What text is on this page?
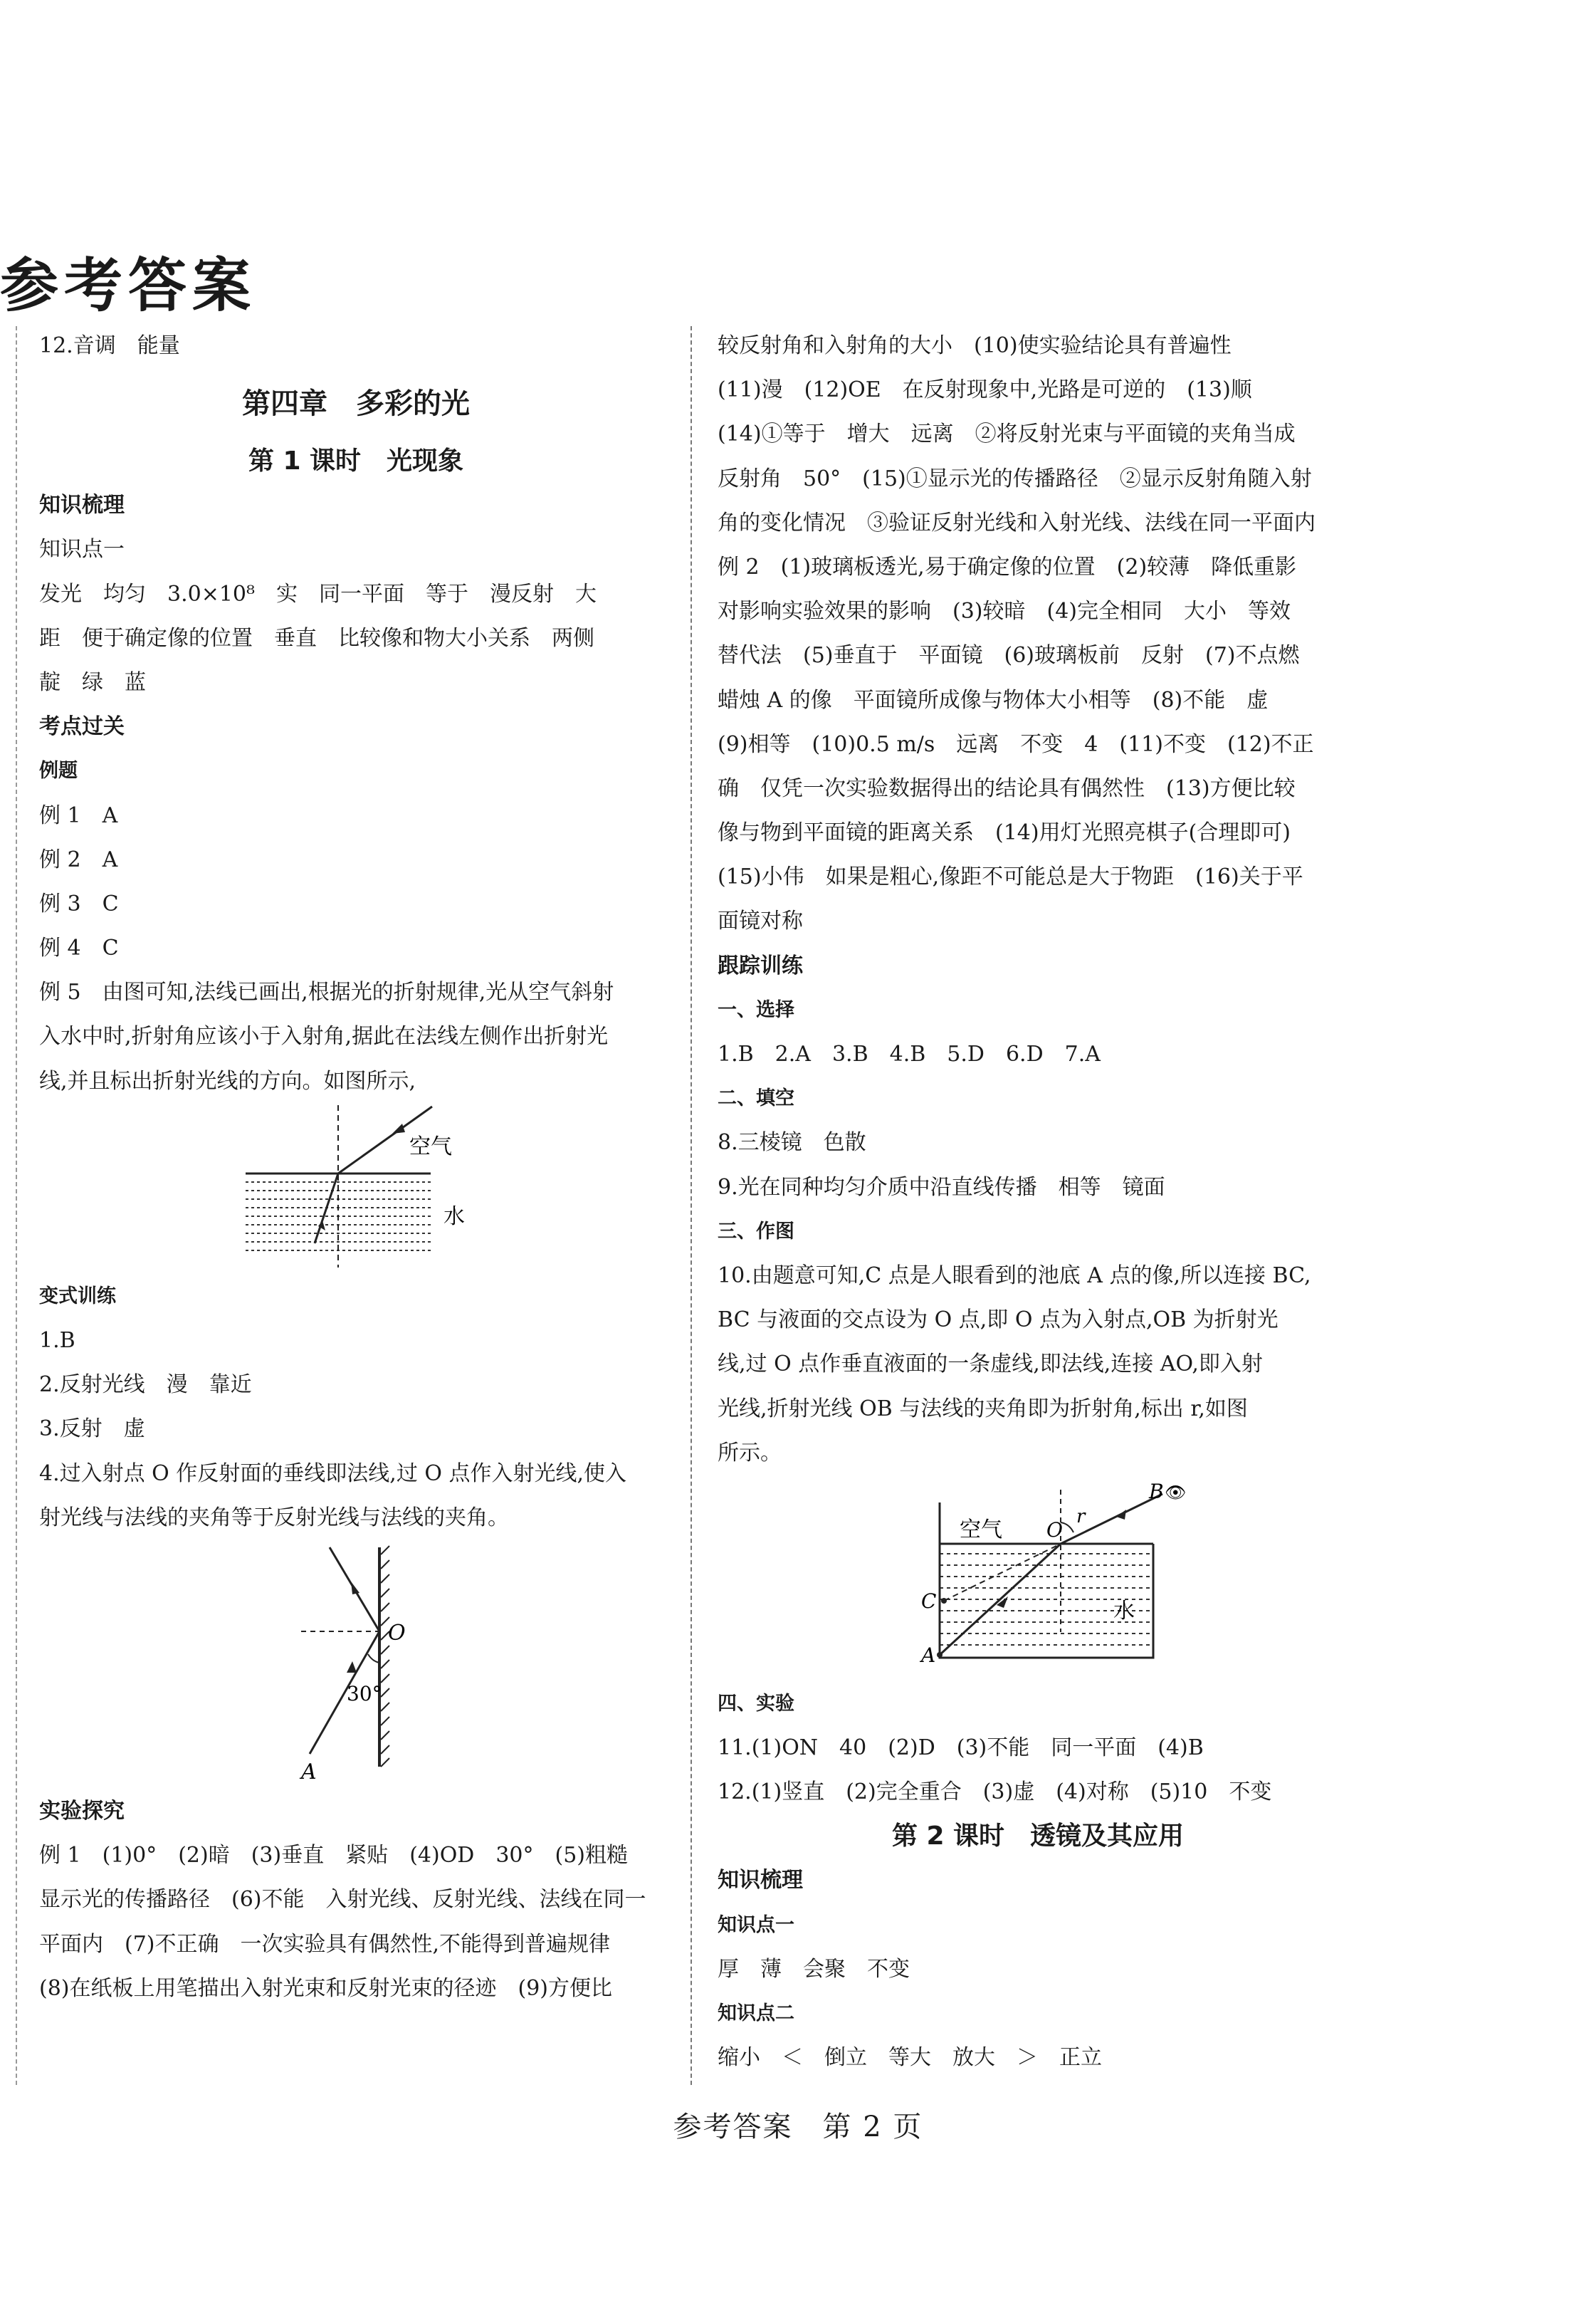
参考答案
12.音调　能量
第四章　多彩的光
第 1 课时　光现象
知识梳理
知识点一
发光　均匀　3.0×10⁸　实　同一平面　等于　漫反射　大
距　便于确定像的位置　垂直　比较像和物大小关系　两侧
靛　绿　蓝
考点过关
例题
例 1　A
例 2　A
例 3　C
例 4　C
例 5　由图可知,法线已画出,根据光的折射规律,光从空气斜射
入水中时,折射角应该小于入射角,据此在法线左侧作出折射光
线,并且标出折射光线的方向。如图所示,
空气
水
变式训练
1.B
2.反射光线　漫　靠近
3.反射　虚
4.过入射点 O 作反射面的垂线即法线,过 O 点作入射光线,使入
射光线与法线的夹角等于反射光线与法线的夹角。
O
30°
A
实验探究
例 1　(1)0°　(2)暗　(3)垂直　紧贴　(4)OD　30°　(5)粗糙
显示光的传播路径　(6)不能　入射光线、反射光线、法线在同一
平面内　(7)不正确　一次实验具有偶然性,不能得到普遍规律
(8)在纸板上用笔描出入射光束和反射光束的径迹　(9)方便比
较反射角和入射角的大小　(10)使实验结论具有普遍性
(11)漫　(12)OE　在反射现象中,光路是可逆的　(13)顺
(14)①等于　增大　远离　②将反射光束与平面镜的夹角当成
反射角　50°　(15)①显示光的传播路径　②显示反射角随入射
角的变化情况　③验证反射光线和入射光线、法线在同一平面内
例 2　(1)玻璃板透光,易于确定像的位置　(2)较薄　降低重影
对影响实验效果的影响　(3)较暗　(4)完全相同　大小　等效
替代法　(5)垂直于　平面镜　(6)玻璃板前　反射　(7)不点燃
蜡烛 A 的像　平面镜所成像与物体大小相等　(8)不能　虚
(9)相等　(10)0.5 m/s　远离　不变　4　(11)不变　(12)不正
确　仅凭一次实验数据得出的结论具有偶然性　(13)方便比较
像与物到平面镜的距离关系　(14)用灯光照亮棋子(合理即可)
(15)小伟　如果是粗心,像距不可能总是大于物距　(16)关于平
面镜对称
跟踪训练
一、选择
1.B　2.A　3.B　4.B　5.D　6.D　7.A
二、填空
8.三棱镜　色散
9.光在同种均匀介质中沿直线传播　相等　镜面
三、作图
10.由题意可知,C 点是人眼看到的池底 A 点的像,所以连接 BC,
BC 与液面的交点设为 O 点,即 O 点为入射点,OB 为折射光
线,过 O 点作垂直液面的一条虚线,即法线,连接 AO,即入射
光线,折射光线 OB 与法线的夹角即为折射角,标出 r,如图
所示。
空气
水
O
r
B 👁
C
A
四、实验
11.(1)ON　40　(2)D　(3)不能　同一平面　(4)B
12.(1)竖直　(2)完全重合　(3)虚　(4)对称　(5)10　不变
第 2 课时　透镜及其应用
知识梳理
知识点一
厚　薄　会聚　不变
知识点二
缩小　＜　倒立　等大　放大　＞　正立
参考答案　第 2 页
